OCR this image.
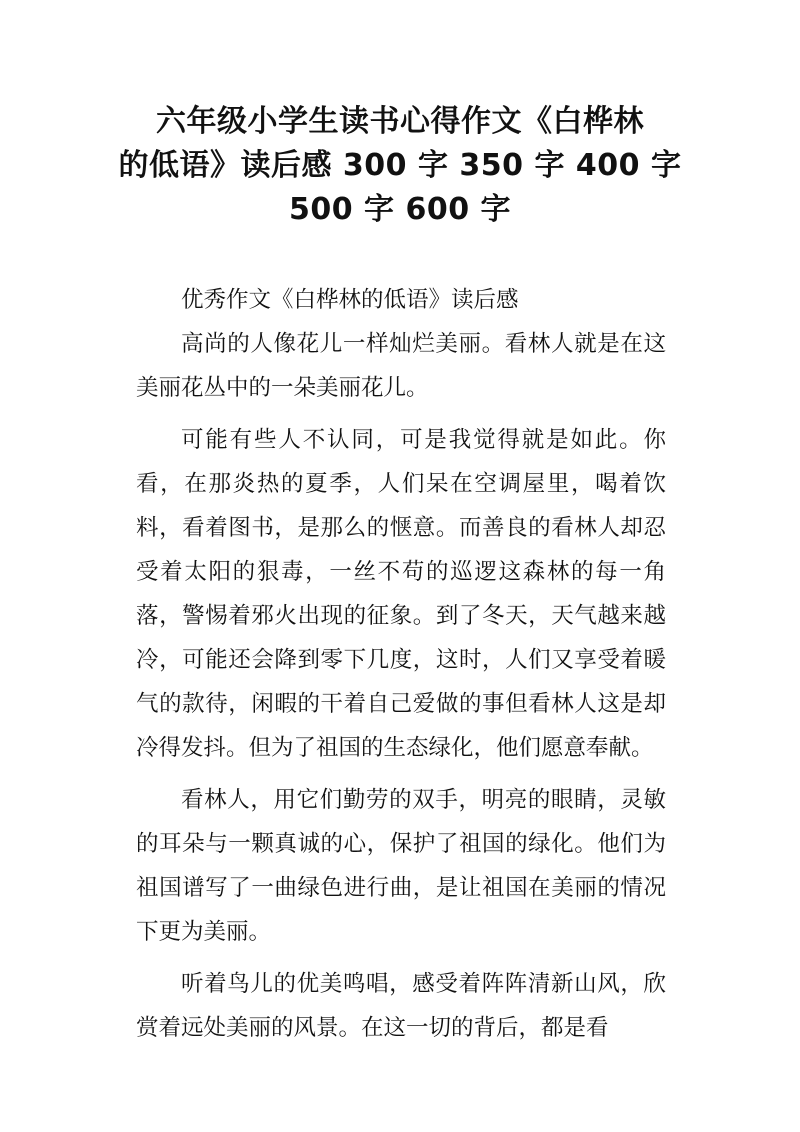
六年级小学生读书心得作文《白桦林
的低语》读后感 300 字 350 字 400 字
500 字 600 字

优秀作文《白桦林的低语》读后感

高尚的人像花儿一样灿烂美丽。看林人就是在这美丽花丛中的一朵美丽花儿。

可能有些人不认同，可是我觉得就是如此。你看，在那炎热的夏季，人们呆在空调屋里，喝着饮料，看着图书，是那么的惬意。而善良的看林人却忍受着太阳的狠毒，一丝不苟的巡逻这森林的每一角落，警惕着邪火出现的征象。到了冬天，天气越来越冷，可能还会降到零下几度，这时，人们又享受着暖气的款待，闲暇的干着自己爱做的事但看林人这是却冷得发抖。但为了祖国的生态绿化，他们愿意奉献。

看林人，用它们勤劳的双手，明亮的眼睛，灵敏的耳朵与一颗真诚的心，保护了祖国的绿化。他们为祖国谱写了一曲绿色进行曲，是让祖国在美丽的情况下更为美丽。

听着鸟儿的优美鸣唱，感受着阵阵清新山风，欣赏着远处美丽的风景。在这一切的背后，都是看
